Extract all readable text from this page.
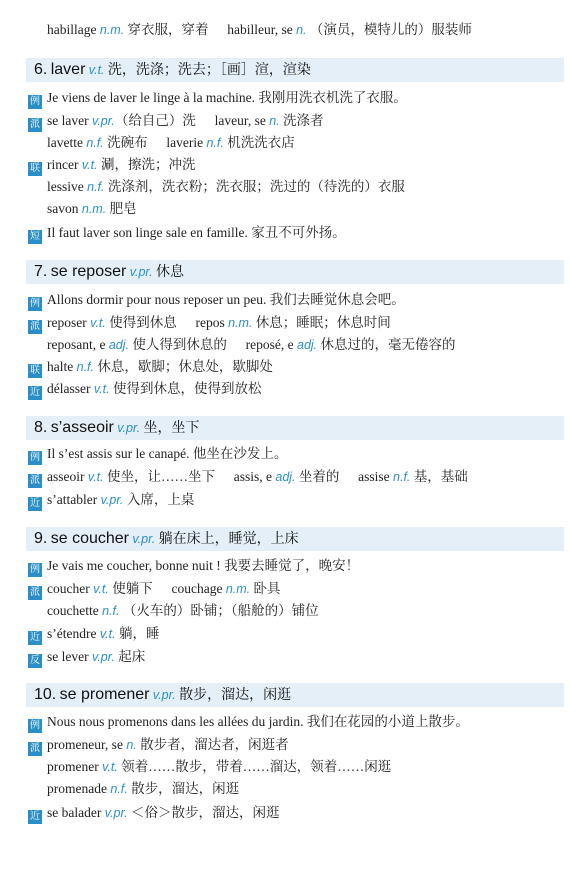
habillage n.m. 穿衣服，穿着 habilleur, se n. （演员，模特儿的）服装师
6. laver v.t. 洗，洗涤；洗去；［画］渲，渲染
例 Je viens de laver le linge à la machine. 我刚用洗衣机洗了衣服。
派 se laver v.pr.（给自己）洗 laveur, se n. 洗涤者
lavette n.f. 洗碗布 laverie n.f. 机洗洗衣店
联 rincer v.t. 涮，擦洗；冲洗
lessive n.f. 洗涤剂，洗衣粉；洗衣服；洗过的（待洗的）衣服
savon n.m. 肥皂
短 Il faut laver son linge sale en famille. 家丑不可外扬。
7. se reposer v.pr. 休息
例 Allons dormir pour nous reposer un peu. 我们去睡觉休息会吧。
派 reposer v.t. 使得到休息 repos n.m. 休息；睡眠；休息时间
reposant, e adj. 使人得到休息的 reposé, e adj. 休息过的，毫无倦容的
联 halte n.f. 休息，歇脚；休息处，歇脚处
近 délasser v.t. 使得到休息，使得到放松
8. s’asseoir v.pr. 坐，坐下
例 Il s’est assis sur le canapé. 他坐在沙发上。
派 asseoir v.t. 使坐，让……坐下 assis, e adj. 坐着的 assise n.f. 基，基础
近 s’attabler v.pr. 入席，上桌
9. se coucher v.pr. 躺在床上，睡觉，上床
例 Je vais me coucher, bonne nuit ! 我要去睡觉了，晚安！
派 coucher v.t. 使躺下 couchage n.m. 卧具
couchette n.f. （火车的）卧铺；（船舱的）铺位
近 s’étendre v.t. 躺，睡
反 se lever v.pr. 起床
10. se promener v.pr. 散步，溜达，闲逛
例 Nous nous promenons dans les allées du jardin. 我们在花园的小道上散步。
派 promeneur, se n. 散步者，溜达者，闲逛者
promener v.t. 领着……散步，带着……溜达，领着……闲逛
promenade n.f. 散步，溜达，闲逛
近 se balader v.pr. ＜俗＞散步，溜达，闲逛
